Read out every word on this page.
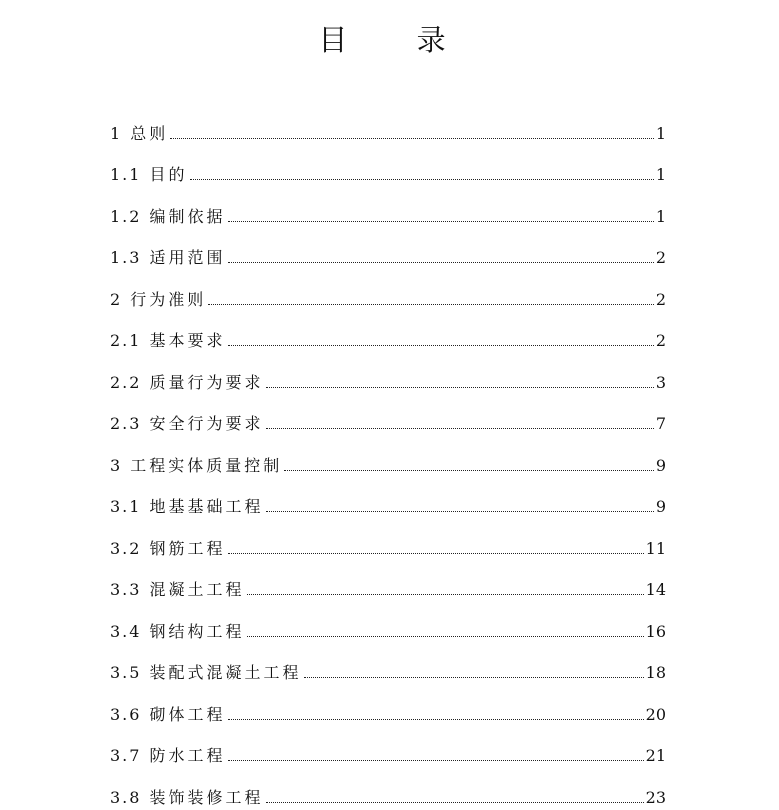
目 录
1 总则	1
1.1 目的	1
1.2 编制依据	1
1.3 适用范围	2
2 行为准则	2
2.1 基本要求	2
2.2 质量行为要求	3
2.3 安全行为要求	7
3 工程实体质量控制	9
3.1 地基基础工程	9
3.2 钢筋工程	11
3.3 混凝土工程	14
3.4 钢结构工程	16
3.5 装配式混凝土工程	18
3.6 砌体工程	20
3.7 防水工程	21
3.8 装饰装修工程	23
